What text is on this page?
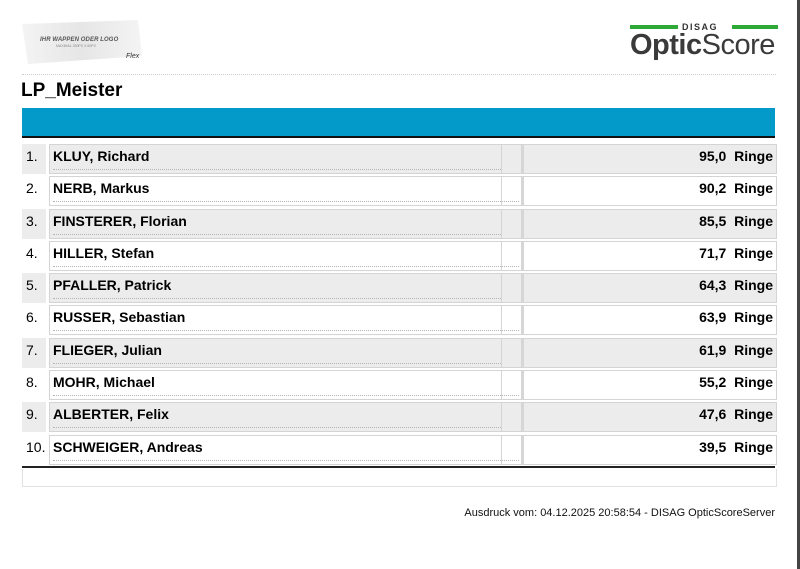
IHR WAPPEN ODER LOGO
MAXIMAL 330PX X 60PX
Flex
DISAG
OpticScore
LP_Meister
1. KLUY, Richard	95,0 Ringe
2. NERB, Markus	90,2 Ringe
3. FINSTERER, Florian	85,5 Ringe
4. HILLER, Stefan	71,7 Ringe
5. PFALLER, Patrick	64,3 Ringe
6. RUSSER, Sebastian	63,9 Ringe
7. FLIEGER, Julian	61,9 Ringe
8. MOHR, Michael	55,2 Ringe
9. ALBERTER, Felix	47,6 Ringe
10. SCHWEIGER, Andreas	39,5 Ringe
Ausdruck vom: 04.12.2025 20:58:54 - DISAG OpticScoreServer
